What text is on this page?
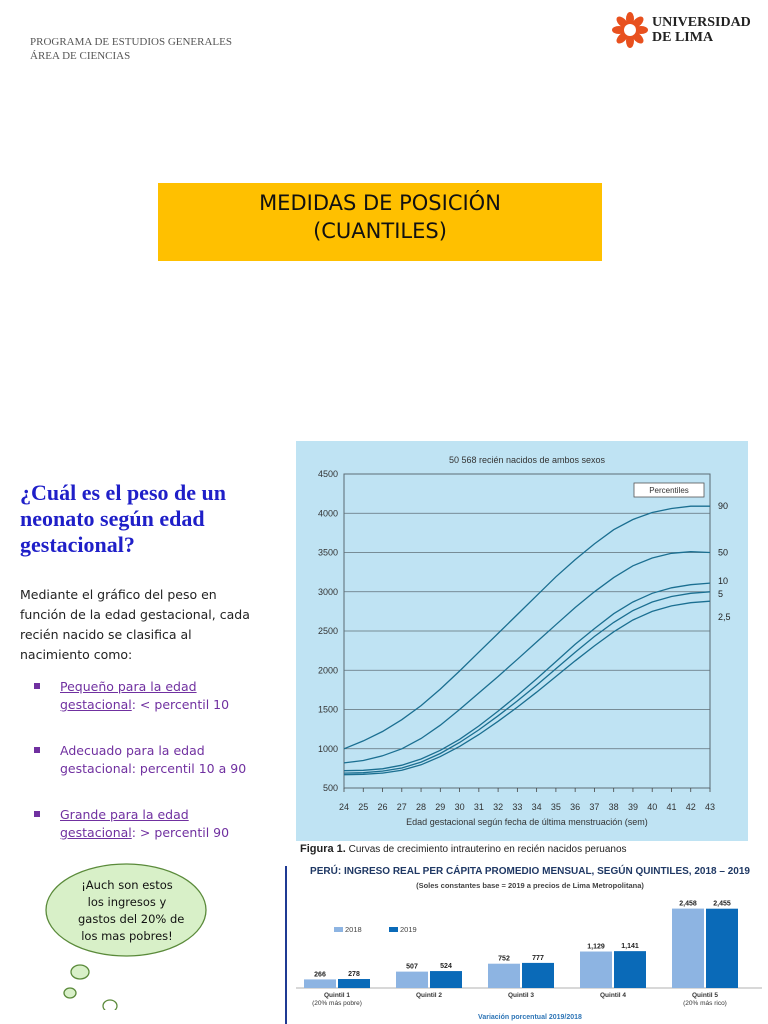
PROGRAMA DE ESTUDIOS GENERALES
ÁREA DE CIENCIAS
UNIVERSIDAD
DE LIMA
MEDIDAS DE POSICIÓN
(CUANTILES)
¿Cuál es el peso de un
neonato según edad
gestacional?
Mediante el gráfico del peso en
función de la edad gestacional, cada
recién nacido se clasifica al
nacimiento como:
Pequeño para la edad
gestacional: < percentil 10
Adecuado para la edad
gestacional: percentil 10 a 90
Grande para la edad
gestacional: > percentil 90
500
1000
1500
2000
2500
3000
3500
4000
4500
24 25 26 27 28 29 30 31 32 33 34 35 36 37 38 39 40 41 42 43
50 568 recién nacidos de ambos sexos
Edad gestacional según fecha de última menstruación (sem)
Percentiles
90
50
10
5
2,5
Figura 1. Curvas de crecimiento intrauterino en recién nacidos peruanos
¡Auch son estos
los ingresos y
gastos del 20% de
los mas pobres!
PERÚ: INGRESO REAL PER CÁPITA PROMEDIO MENSUAL, SEGÚN QUINTILES, 2018 – 2019
(Soles constantes base = 2019 a precios de Lima Metropolitana)
2018	2019
266	278
Quintil 1
(20% más pobre)
507	524
Quintil 2
752	777
Quintil 3
1,129 1,141
Quintil 4
2,458 2,455
Quintil 5
(20% más rico)
Variación porcentual 2019/2018
